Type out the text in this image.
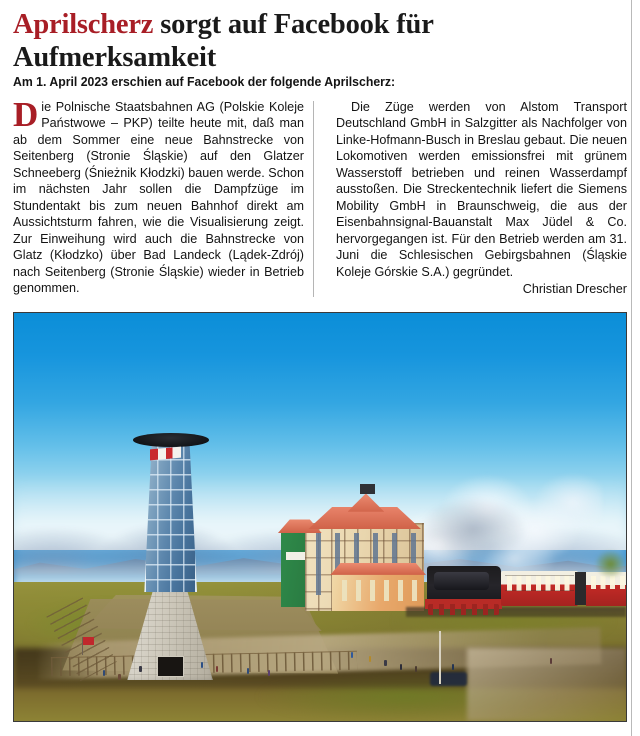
Aprilscherz sorgt auf Facebook für Aufmerksamkeit
Am 1. April 2023 erschien auf Facebook der folgende Aprilscherz:
Die Polnische Staatsbahnen AG (Polskie Koleje Państwowe – PKP) teilte heute mit, daß man ab dem Sommer eine neue Bahnstrecke von Seitenberg (Stronie Śląskie) auf den Glatzer Schneeberg (Śnieżnik Kłodzki) bauen werde. Schon im nächsten Jahr sollen die Dampfzüge im Stundentakt bis zum neuen Bahnhof direkt am Aussichtsturm fahren, wie die Visualisierung zeigt. Zur Einweihung wird auch die Bahnstrecke von Glatz (Kłodzko) über Bad Landeck (Lądek-Zdrój) nach Seitenberg (Stronie Śląskie) wieder in Betrieb genommen.
Die Züge werden von Alstom Transport Deutschland GmbH in Salzgitter als Nachfolger von Linke-Hofmann-Busch in Breslau gebaut. Die neuen Lokomotiven werden emissionsfrei mit grünem Wasserstoff betrieben und reinen Wasserdampf ausstoßen. Die Streckentechnik liefert die Siemens Mobility GmbH in Braunschweig, die aus der Eisenbahnsignal-Bauanstalt Max Jüdel & Co. hervorgegangen ist. Für den Betrieb werden am 31. Juni die Schlesischen Gebirgsbahnen (Śląskie Koleje Górskie S.A.) gegründet.
Christian Drescher
